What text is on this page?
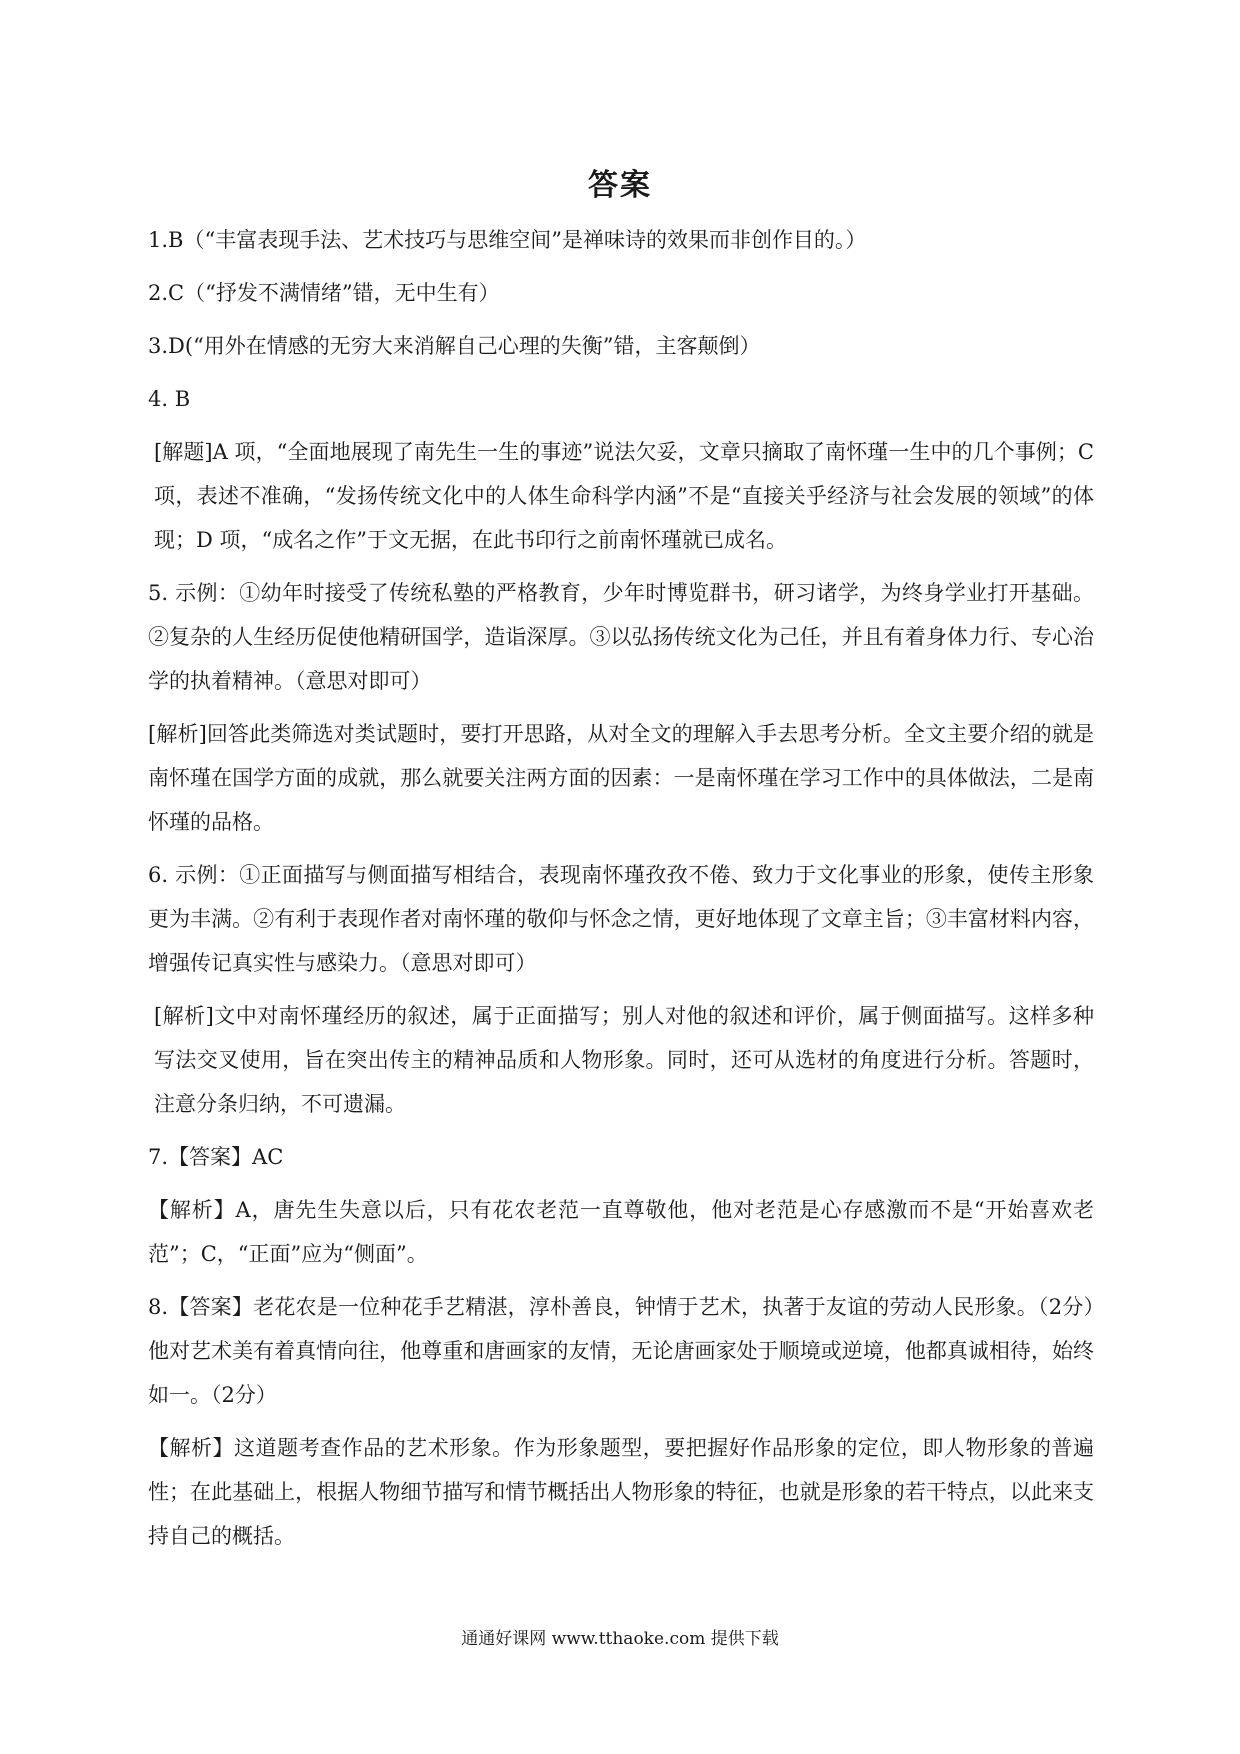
答案

1.B（“丰富表现手法、艺术技巧与思维空间”是禅味诗的效果而非创作目的。）

2.C（“抒发不满情绪”错，无中生有）

3.D(“用外在情感的无穷大来消解自己心理的失衡”错，主客颠倒）

4. B

[解题]A 项，“全面地展现了南先生一生的事迹”说法欠妥，文章只摘取了南怀瑾一生中的几个事例；C 项，表述不准确，“发扬传统文化中的人体生命科学内涵”不是“直接关乎经济与社会发展的领域”的体现；D 项，“成名之作”于文无据，在此书印行之前南怀瑾就已成名。

5. 示例：①幼年时接受了传统私塾的严格教育，少年时博览群书，研习诸学，为终身学业打开基础。②复杂的人生经历促使他精研国学，造诣深厚。③以弘扬传统文化为己任，并且有着身体力行、专心治学的执着精神。（意思对即可）

[解析]回答此类筛选对类试题时，要打开思路，从对全文的理解入手去思考分析。全文主要介绍的就是南怀瑾在国学方面的成就，那么就要关注两方面的因素：一是南怀瑾在学习工作中的具体做法，二是南怀瑾的品格。

6. 示例：①正面描写与侧面描写相结合，表现南怀瑾孜孜不倦、致力于文化事业的形象，使传主形象更为丰满。②有利于表现作者对南怀瑾的敬仰与怀念之情，更好地体现了文章主旨；③丰富材料内容，增强传记真实性与感染力。（意思对即可）

[解析]文中对南怀瑾经历的叙述，属于正面描写；别人对他的叙述和评价，属于侧面描写。这样多种写法交叉使用，旨在突出传主的精神品质和人物形象。同时，还可从选材的角度进行分析。答题时，注意分条归纳，不可遗漏。

7.【答案】AC

【解析】A，唐先生失意以后，只有花农老范一直尊敬他，他对老范是心存感激而不是“开始喜欢老范”；C，“正面”应为“侧面”。

8.【答案】老花农是一位种花手艺精湛，淳朴善良，钟情于艺术，执著于友谊的劳动人民形象。（2分）他对艺术美有着真情向往，他尊重和唐画家的友情，无论唐画家处于顺境或逆境，他都真诚相待，始终如一。（2分）

【解析】这道题考查作品的艺术形象。作为形象题型，要把握好作品形象的定位，即人物形象的普遍性；在此基础上，根据人物细节描写和情节概括出人物形象的特征，也就是形象的若干特点，以此来支持自己的概括。

通通好课网 www.tthaoke.com 提供下载
